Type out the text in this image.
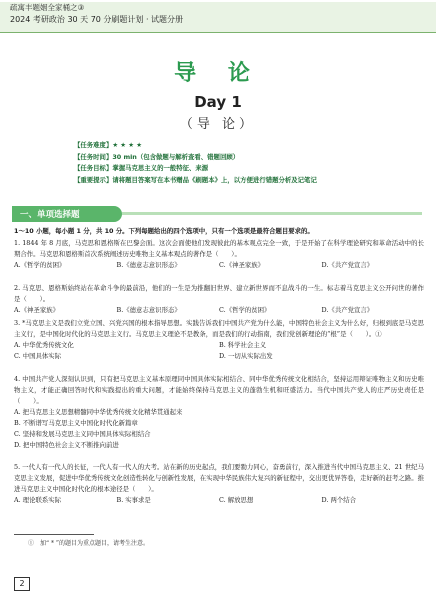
疏寓丰题姻全家桶之③
2024 考研政治 30 天 70 分刷题计划 · 试题分册
导 论
Day 1
（导 论）
【任务难度】★ ★ ★ ★
【任务时间】30 min（包含做题与解析查看、错题回顾）
【任务目标】掌握马克思主义的一般特征、来源
【重要提示】请将题目答案写在本书赠品《刷题本》上，以方便进行错题分析及记笔记
一、单项选择题
1～10 小题，每小题 1 分，共 10 分。下列每题给出的四个选项中，只有一个选项是最符合题目要求的。
1. 1844 年 8 月底，马克思和恩格斯在巴黎会面。这次会面使他们发现彼此的基本观点完全一致，于是开始了在科学理论研究和革命活动中的长期合作。马克思和恩格斯首次系统阐述历史唯物主义基本观点的著作是（　　）。
A.《哲学的贫困》	B.《德意志意识形态》	C.《神圣家族》	D.《共产党宣言》
2. 马克思、恩格斯始终站在革命斗争的最前沿，他们的一生是为推翻旧世界、建立新世界而不息战斗的一生。标志着马克思主义公开问世的著作是（　　）。
A.《神圣家族》	B.《德意志意识形态》	C.《哲学的贫困》	D.《共产党宣言》
3. *马克思主义是我们立党立国、兴党兴国的根本指导思想。实践告诉我们中国共产党为什么能，中国特色社会主义为什么好，归根到底是马克思主义行，是中国化时代化的马克思主义行。马克思主义理论不是教条，而是我们的行动指南，我们党创新理论的“根”是（　　）。①
A. 中华优秀传统文化	B. 科学社会主义
C. 中国具体实际	D. 一切从实际出发
4. 中国共产党人深刻认识到，只有把马克思主义基本原理同中国具体实际相结合、同中华优秀传统文化相结合，坚持运用辩证唯物主义和历史唯物主义，才能正确回答时代和实践提出的重大问题，才能始终保持马克思主义的蓬勃生机和旺盛活力。当代中国共产党人的庄严历史责任是（　　）。
A. 把马克思主义思想精髓同中华优秀传统文化精华贯通起来
B. 不断谱写马克思主义中国化时代化新篇章
C. 坚持和发展马克思主义同中国具体实际相结合
D. 把中国特色社会主义不断推向前进
5. 一代人有一代人的长征，一代人有一代人的大考。站在新的历史起点，我们要勠力同心，奋勇前行，深入推进当代中国马克思主义、21 世纪马克思主义发展，促进中华优秀传统文化创造性转化与创新性发展，在实现中华民族伟大复兴的新征程中，交出更优异答卷，走好新的赶考之路。推进马克思主义中国化时代化的根本途径是（　　）。
A. 理论联系实际	B. 实事求是	C. 解放思想	D. 两个结合
①　加“ * ”的题目为重点题目，请考生注意。
2
